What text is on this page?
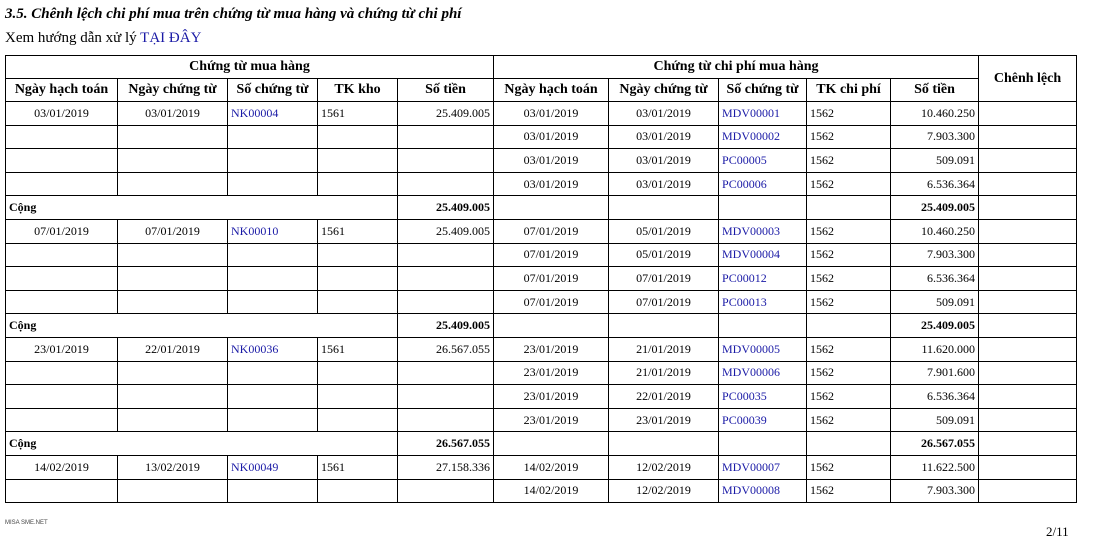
3.5. Chênh lệch chi phí mua trên chứng từ mua hàng và chứng từ chi phí
Xem hướng dẫn xử lý TẠI ĐÂY
Chứng từ mua hàng					Chứng từ chi phí mua hàng					Chênh lệch
Ngày hạch toán	Ngày chứng từ	Số chứng từ	TK kho	Số tiền	Ngày hạch toán	Ngày chứng từ	Số chứng từ	TK chi phí	Số tiền	
03/01/2019	03/01/2019	NK00004	1561	25.409.005	03/01/2019	03/01/2019	MDV00001	1562	10.460.250	
					03/01/2019	03/01/2019	MDV00002	1562	7.903.300	
					03/01/2019	03/01/2019	PC00005	1562	509.091	
					03/01/2019	03/01/2019	PC00006	1562	6.536.364	
Cộng				25.409.005					25.409.005	
07/01/2019	07/01/2019	NK00010	1561	25.409.005	07/01/2019	05/01/2019	MDV00003	1562	10.460.250	
					07/01/2019	05/01/2019	MDV00004	1562	7.903.300	
					07/01/2019	07/01/2019	PC00012	1562	6.536.364	
					07/01/2019	07/01/2019	PC00013	1562	509.091	
Cộng				25.409.005					25.409.005	
23/01/2019	22/01/2019	NK00036	1561	26.567.055	23/01/2019	21/01/2019	MDV00005	1562	11.620.000	
					23/01/2019	21/01/2019	MDV00006	1562	7.901.600	
					23/01/2019	22/01/2019	PC00035	1562	6.536.364	
					23/01/2019	23/01/2019	PC00039	1562	509.091	
Cộng				26.567.055					26.567.055	
14/02/2019	13/02/2019	NK00049	1561	27.158.336	14/02/2019	12/02/2019	MDV00007	1562	11.622.500	
					14/02/2019	12/02/2019	MDV00008	1562	7.903.300	
MISA SME.NET
2/11
